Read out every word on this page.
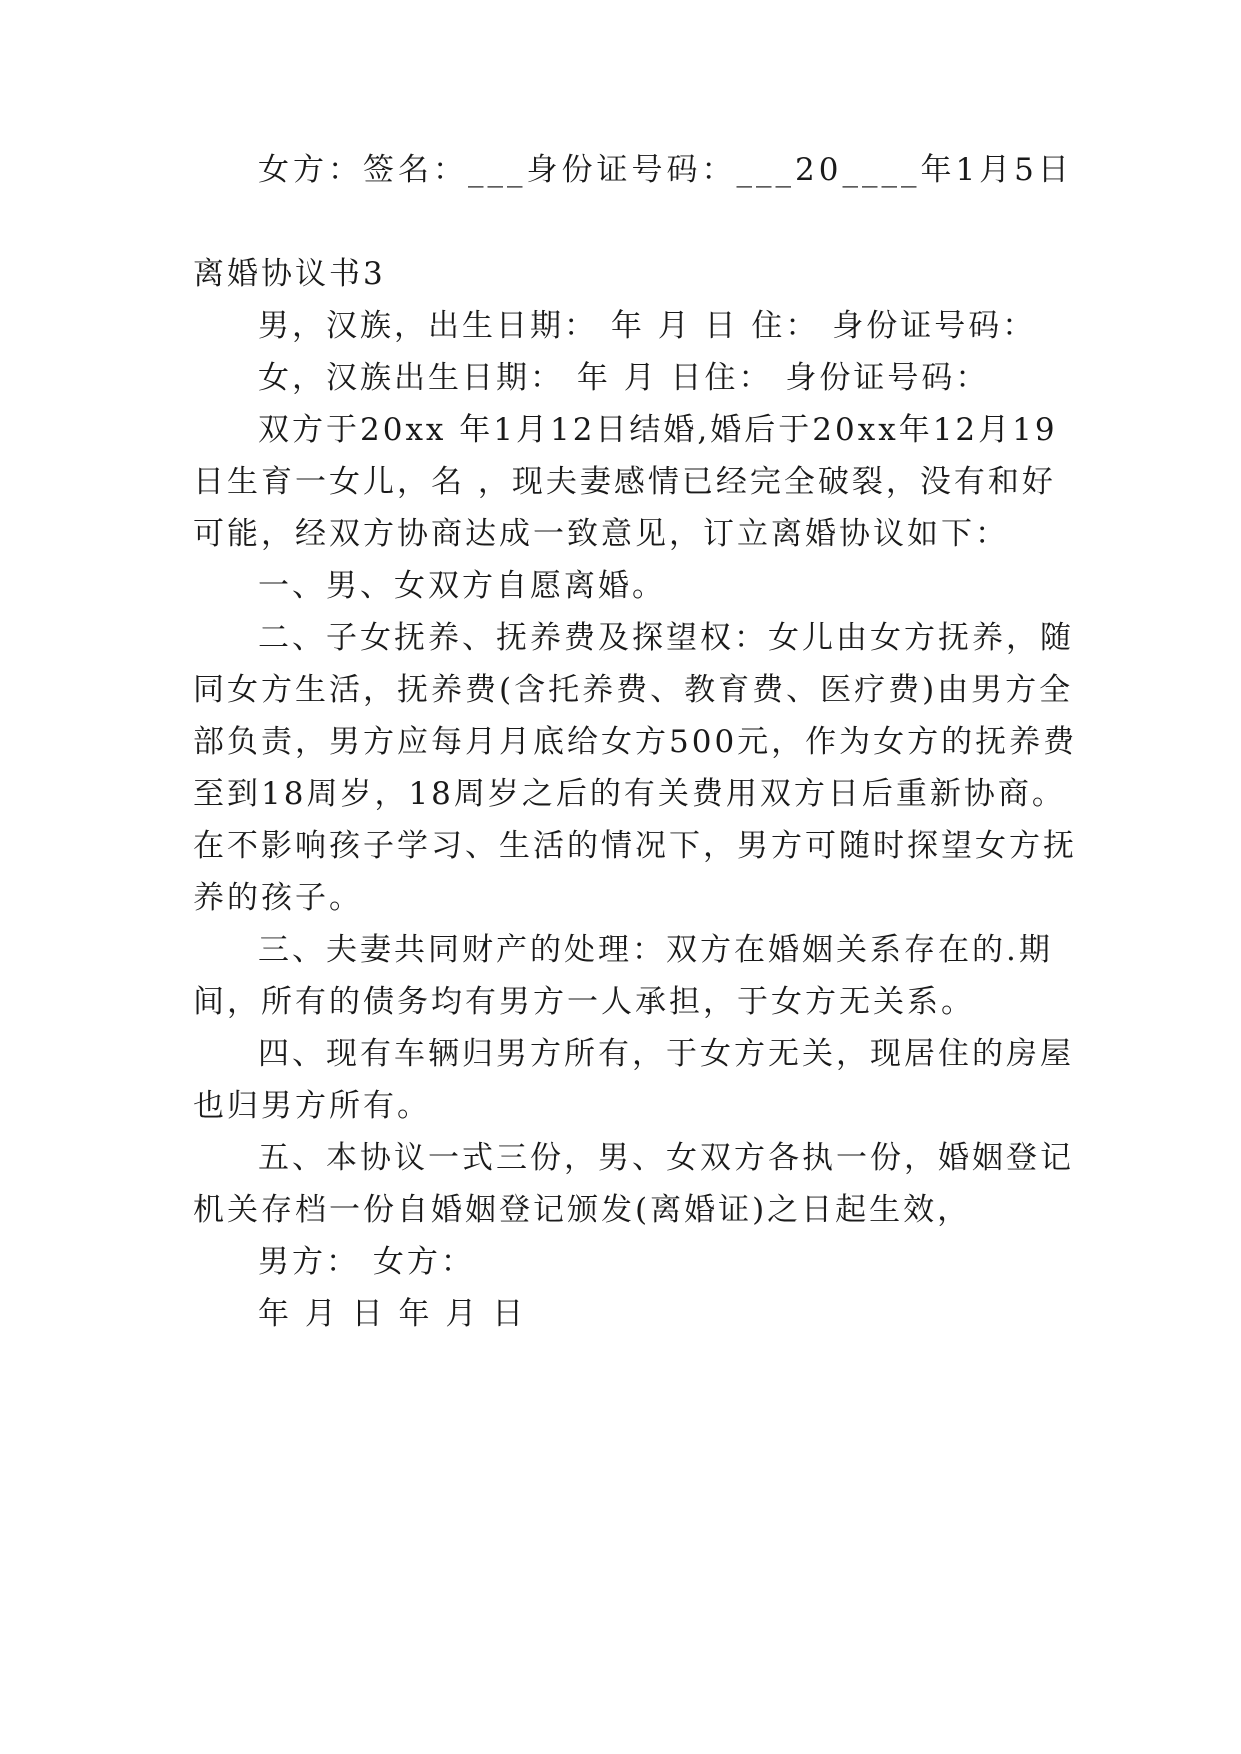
女方：签名：___身份证号码：___20____年1月5日
离婚协议书3
男，汉族，出生日期： 年 月 日 住： 身份证号码：
女，汉族出生日期： 年 月 日住： 身份证号码：
双方于20xx 年1月12日结婚,婚后于20xx年12月19
日生育一女儿，名 ，现夫妻感情已经完全破裂，没有和好
可能，经双方协商达成一致意见，订立离婚协议如下：
一、男、女双方自愿离婚。
二、子女抚养、抚养费及探望权：女儿由女方抚养，随
同女方生活，抚养费(含托养费、教育费、医疗费)由男方全
部负责，男方应每月月底给女方500元，作为女方的抚养费
至到18周岁，18周岁之后的有关费用双方日后重新协商。
在不影响孩子学习、生活的情况下，男方可随时探望女方抚
养的孩子。
三、夫妻共同财产的处理：双方在婚姻关系存在的.期
间，所有的债务均有男方一人承担，于女方无关系。
四、现有车辆归男方所有，于女方无关，现居住的房屋
也归男方所有。
五、本协议一式三份，男、女双方各执一份，婚姻登记
机关存档一份自婚姻登记颁发(离婚证)之日起生效，
男方： 女方：
年 月 日 年 月 日
